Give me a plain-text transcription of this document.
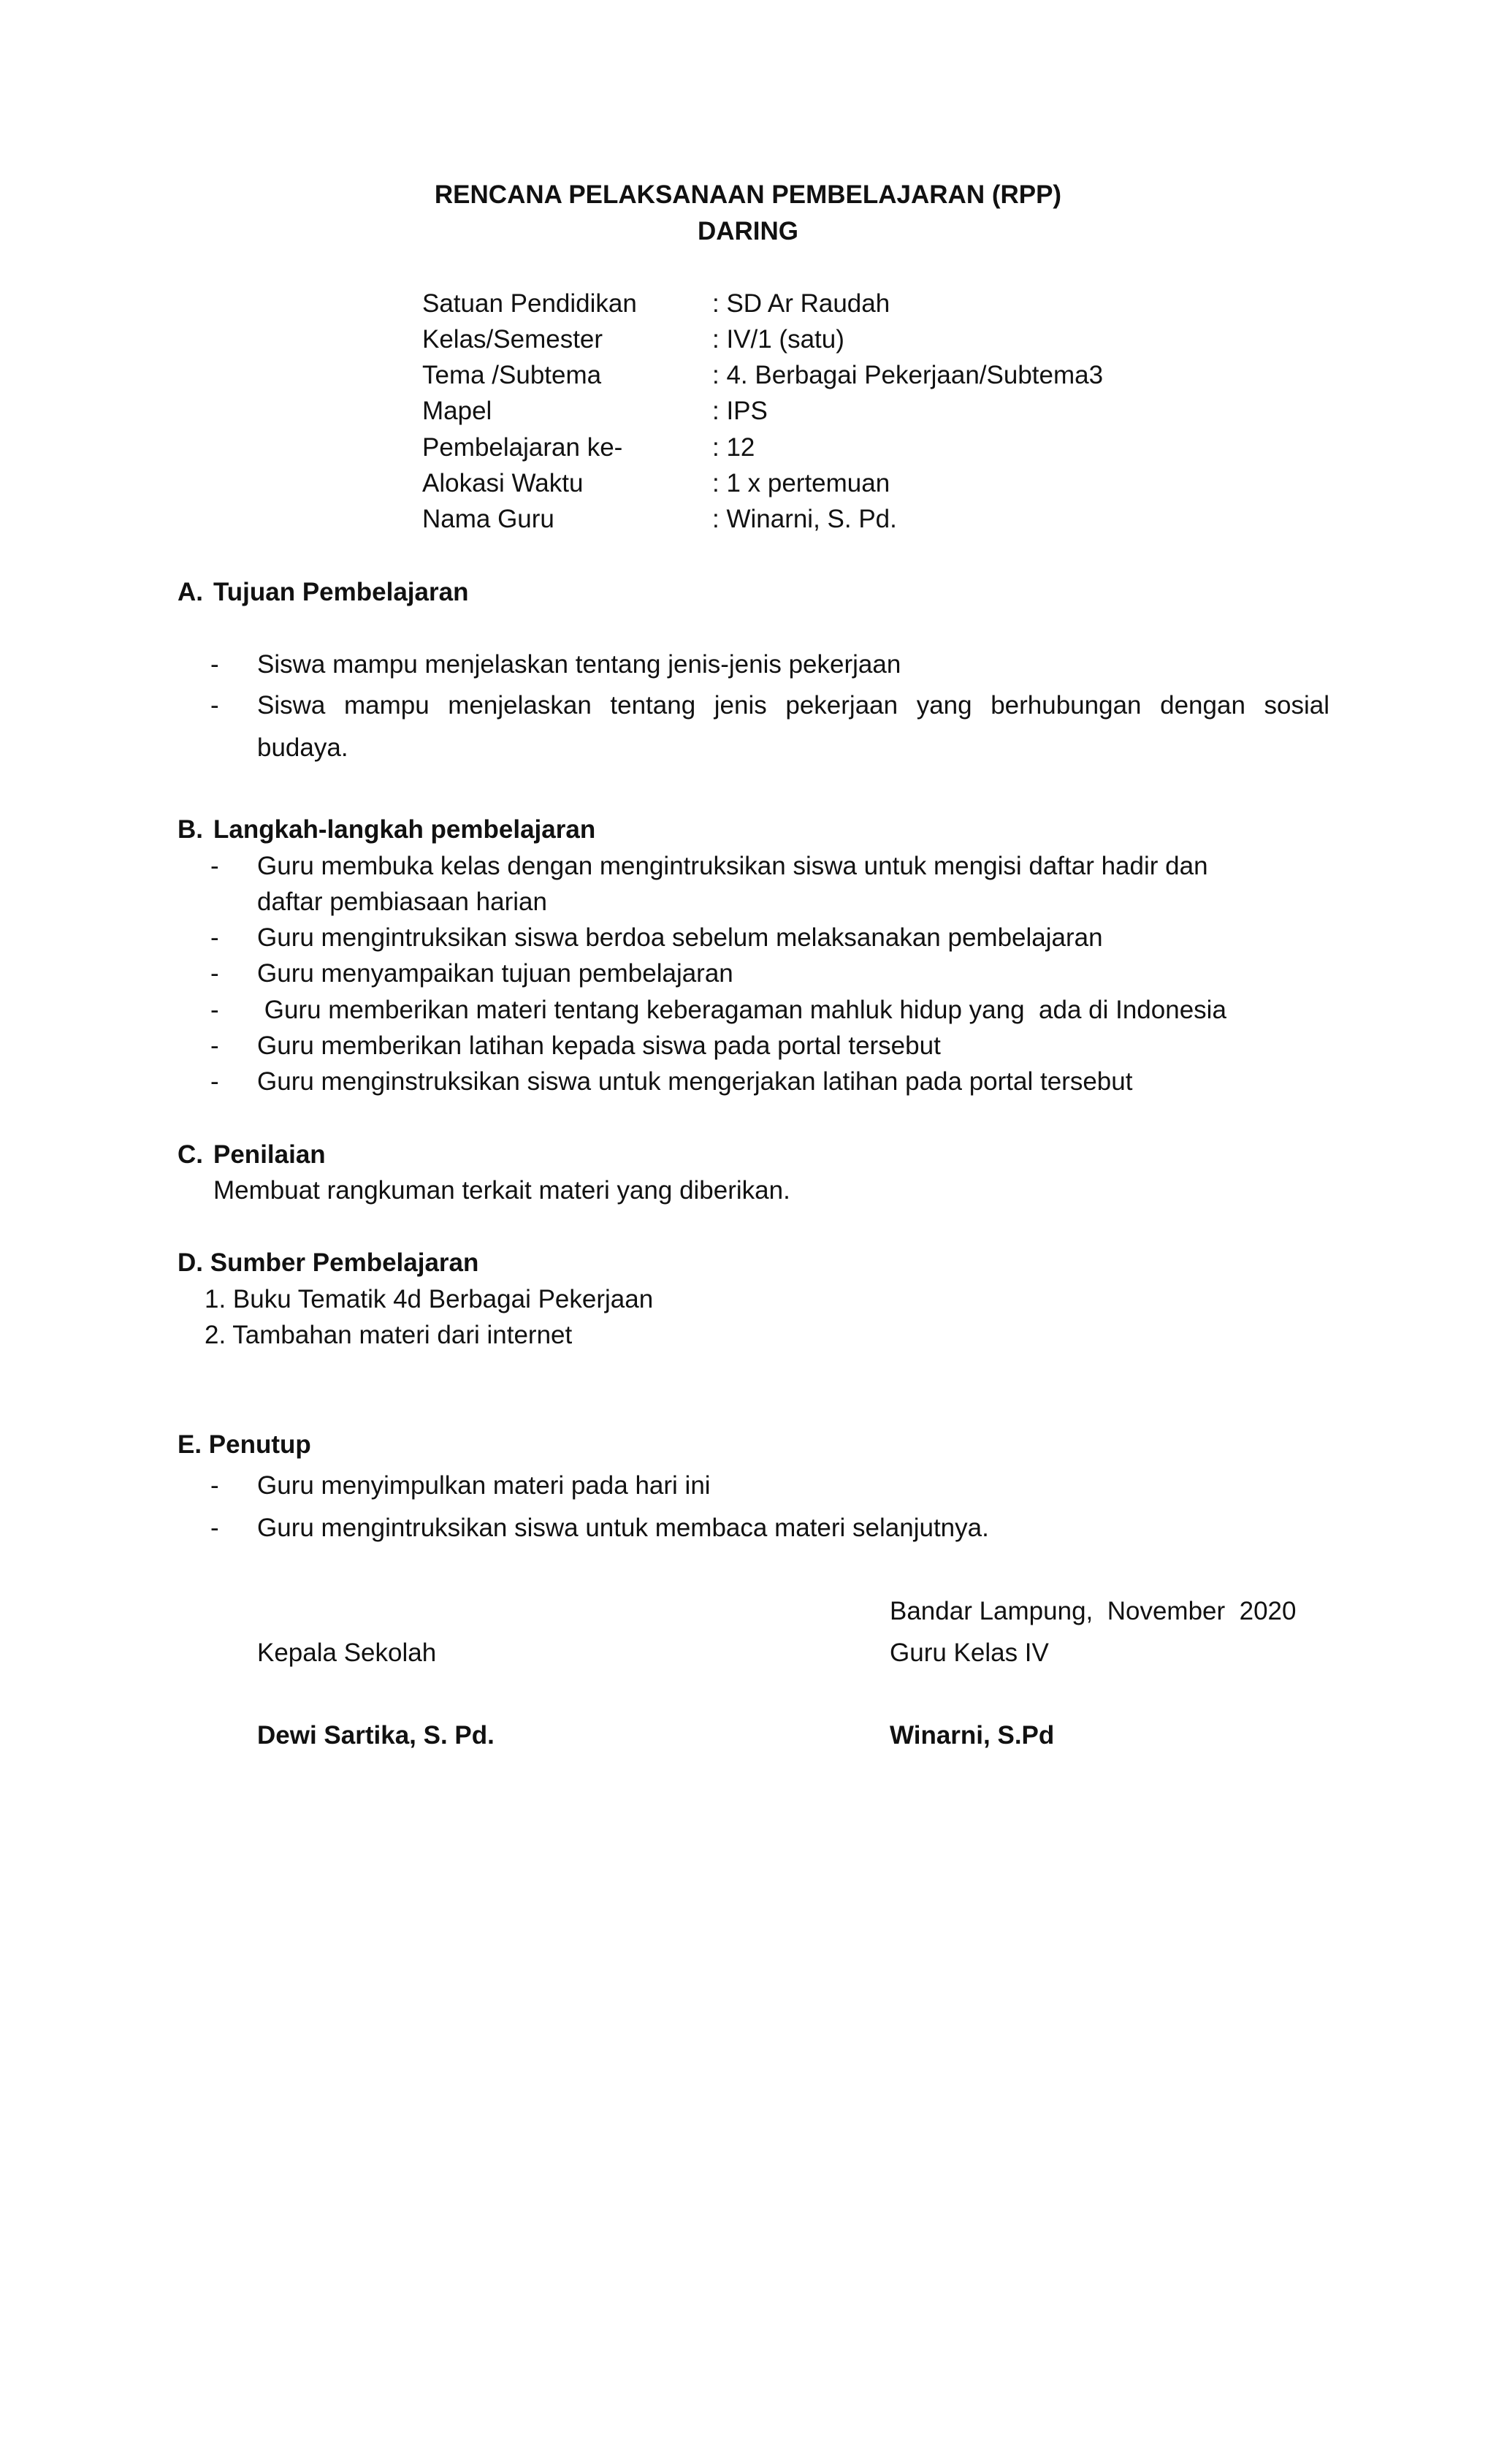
RENCANA PELAKSANAAN PEMBELAJARAN (RPP)
DARING
Satuan Pendidikan	: SD Ar Raudah
Kelas/Semester	: IV/1 (satu)
Tema /Subtema	: 4. Berbagai Pekerjaan/Subtema3
Mapel	: IPS
Pembelajaran ke-	: 12
Alokasi Waktu	: 1 x pertemuan
Nama Guru	: Winarni, S. Pd.
A. Tujuan Pembelajaran
- Siswa mampu menjelaskan tentang jenis-jenis pekerjaan
- Siswa mampu menjelaskan tentang jenis pekerjaan yang berhubungan dengan sosial
budaya.
B. Langkah-langkah pembelajaran
- Guru membuka kelas dengan mengintruksikan siswa untuk mengisi daftar hadir dan
daftar pembiasaan harian
- Guru mengintruksikan siswa berdoa sebelum melaksanakan pembelajaran
- Guru menyampaikan tujuan pembelajaran
- Guru memberikan materi tentang keberagaman mahluk hidup yang  ada di Indonesia
- Guru memberikan latihan kepada siswa pada portal tersebut
- Guru menginstruksikan siswa untuk mengerjakan latihan pada portal tersebut
C. Penilaian
Membuat rangkuman terkait materi yang diberikan.
D. Sumber Pembelajaran
1. Buku Tematik 4d Berbagai Pekerjaan
2. Tambahan materi dari internet
E. Penutup
- Guru menyimpulkan materi pada hari ini
- Guru mengintruksikan siswa untuk membaca materi selanjutnya.
Bandar Lampung,  November  2020
Kepala Sekolah	Guru Kelas IV
Dewi Sartika, S. Pd.	Winarni, S.Pd
